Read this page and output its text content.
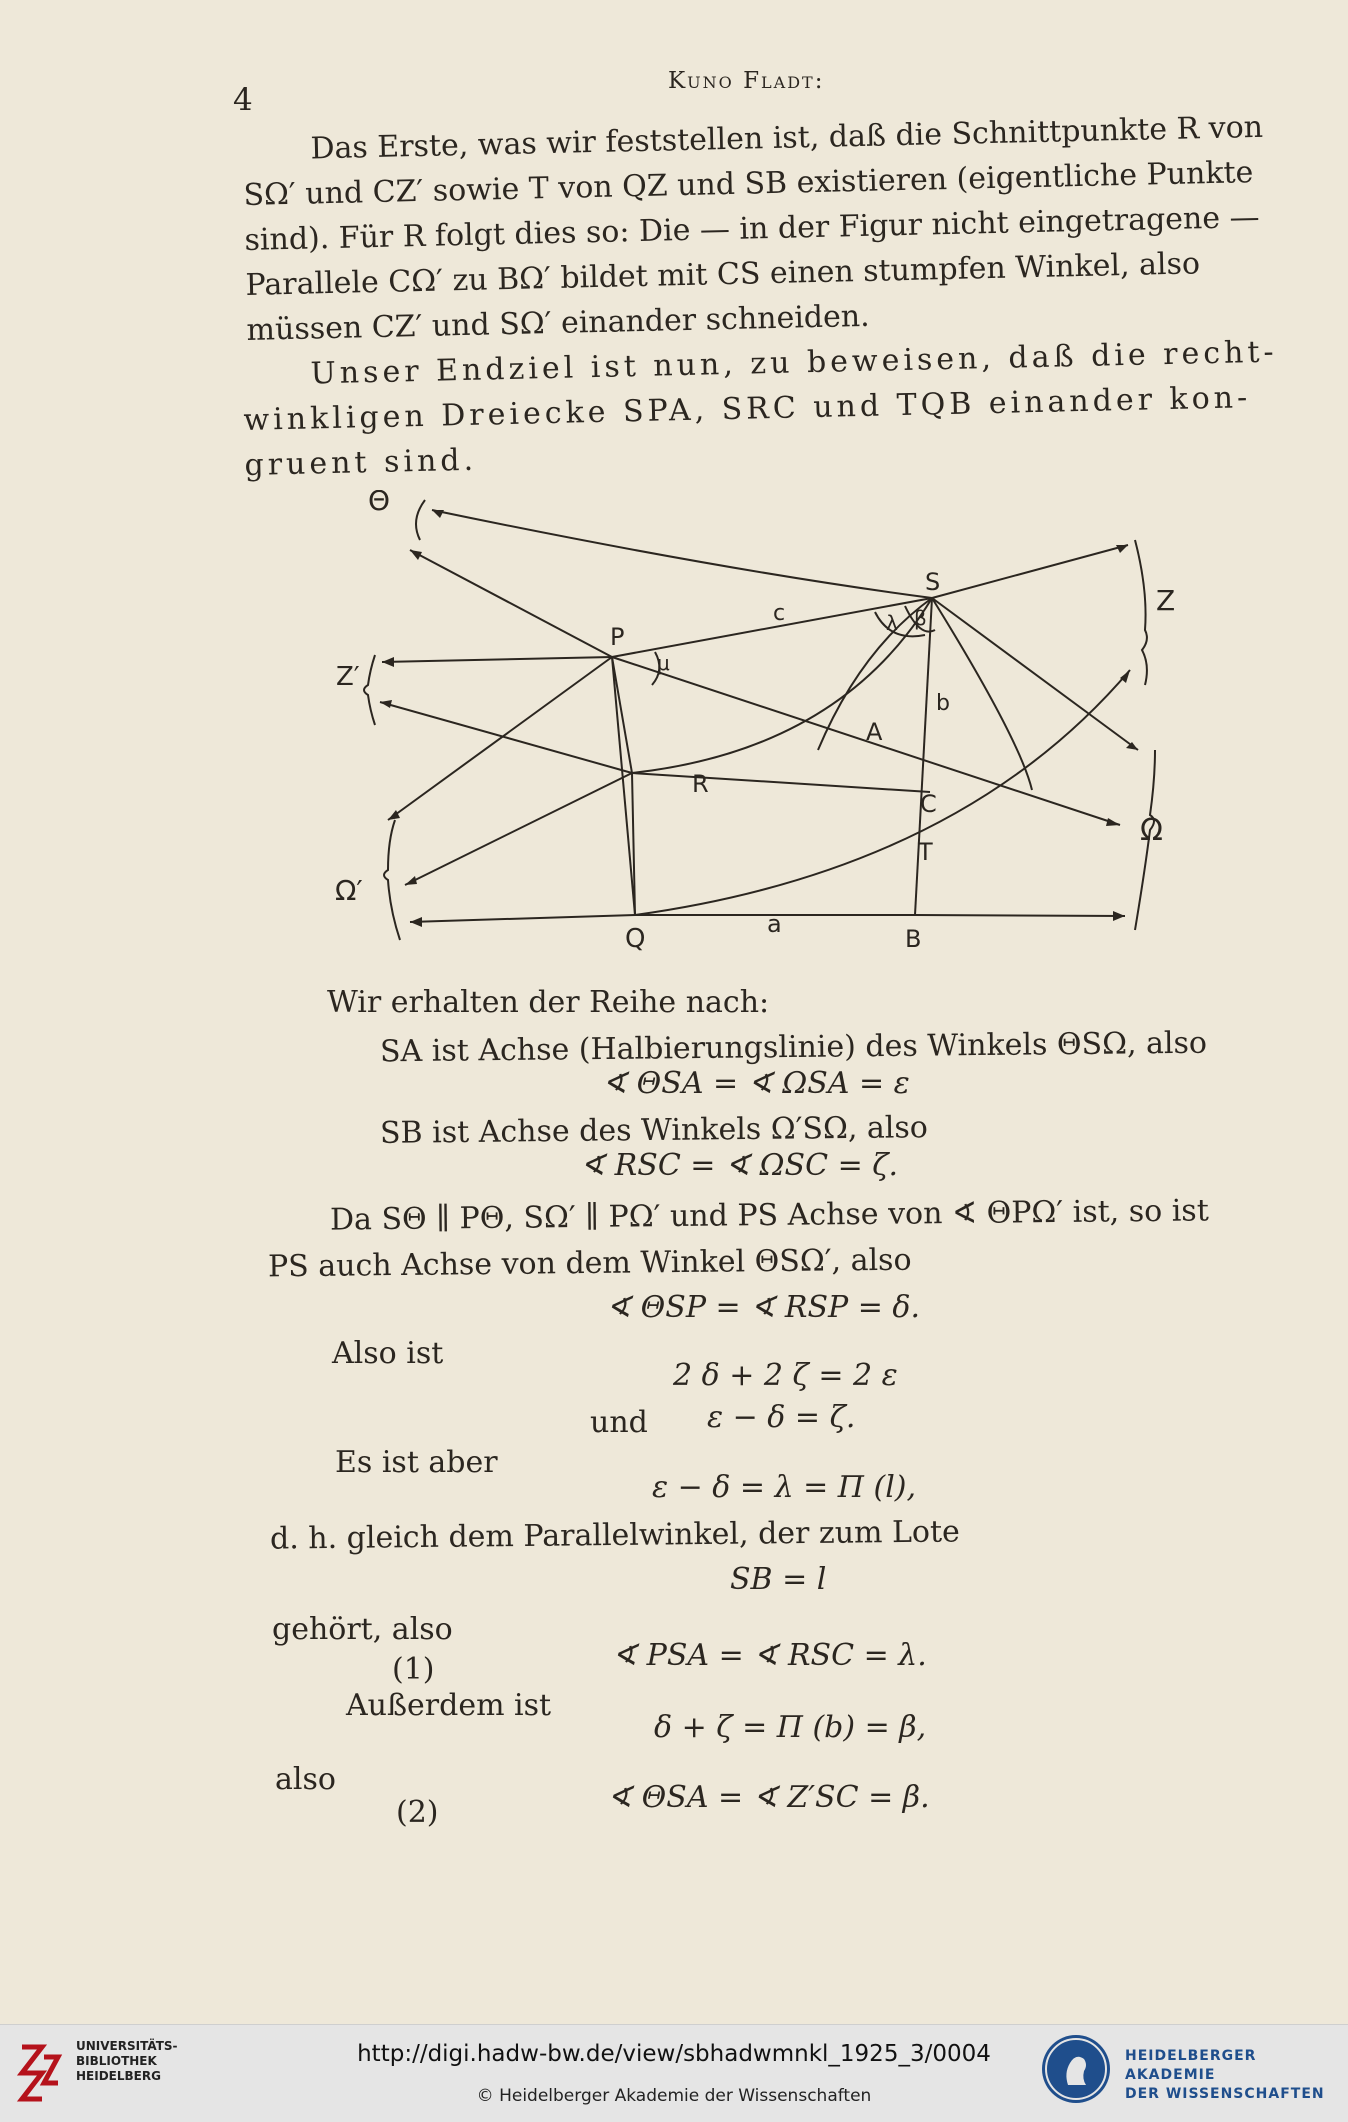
4
Kuno Fladt:

Das Erste, was wir feststellen ist, daß die Schnittpunkte R von

SΩ′ und CZ′ sowie T von QZ und SB existieren (eigentliche Punkte

sind). Für R folgt dies so: Die — in der Figur nicht eingetragene —

Parallele CΩ′ zu BΩ′ bildet mit CS einen stumpfen Winkel, also

müssen CZ′ und SΩ′ einander schneiden.

Unser Endziel ist nun, zu beweisen, daß die recht-

winkligen Dreiecke SPA, SRC und TQB einander kon-

gruent sind.

Θ
S
Z
P
c	λ β
μ
Z′
b
A
R
C
Ω
T
Ω′
Q	a
B
Wir erhalten der Reihe nach:
SA ist Achse (Halbierungslinie) des Winkels ΘSΩ, also
∢ ΘSA = ∢ ΩSA = ε
SB ist Achse des Winkels Ω′SΩ, also
∢ RSC = ∢ ΩSC = ζ.
Da SΘ ∥ PΘ, SΩ′ ∥ PΩ′ und PS Achse von ∢ ΘPΩ′ ist, so ist
PS auch Achse von dem Winkel ΘSΩ′, also
∢ ΘSP = ∢ RSP = δ.
Also ist
2 δ + 2 ζ = 2 ε
und ε − δ = ζ.
Es ist aber
ε − δ = λ = Π (l),
d. h. gleich dem Parallelwinkel, der zum Lote
SB = l
gehört, also
(1)	∢ PSA = ∢ RSC = λ.
Außerdem ist
δ + ζ = Π (b) = β,
also
(2)	∢ ΘSA = ∢ Z′SC = β.
UNIVERSITÄTS-
BIBLIOTHEK
HEIDELBERG
http://digi.hadw-bw.de/view/sbhadwmnkl_1925_3/0004
© Heidelberger Akademie der Wissenschaften
HEIDELBERGER AKADEMIE
DER WISSENSCHAFTEN
